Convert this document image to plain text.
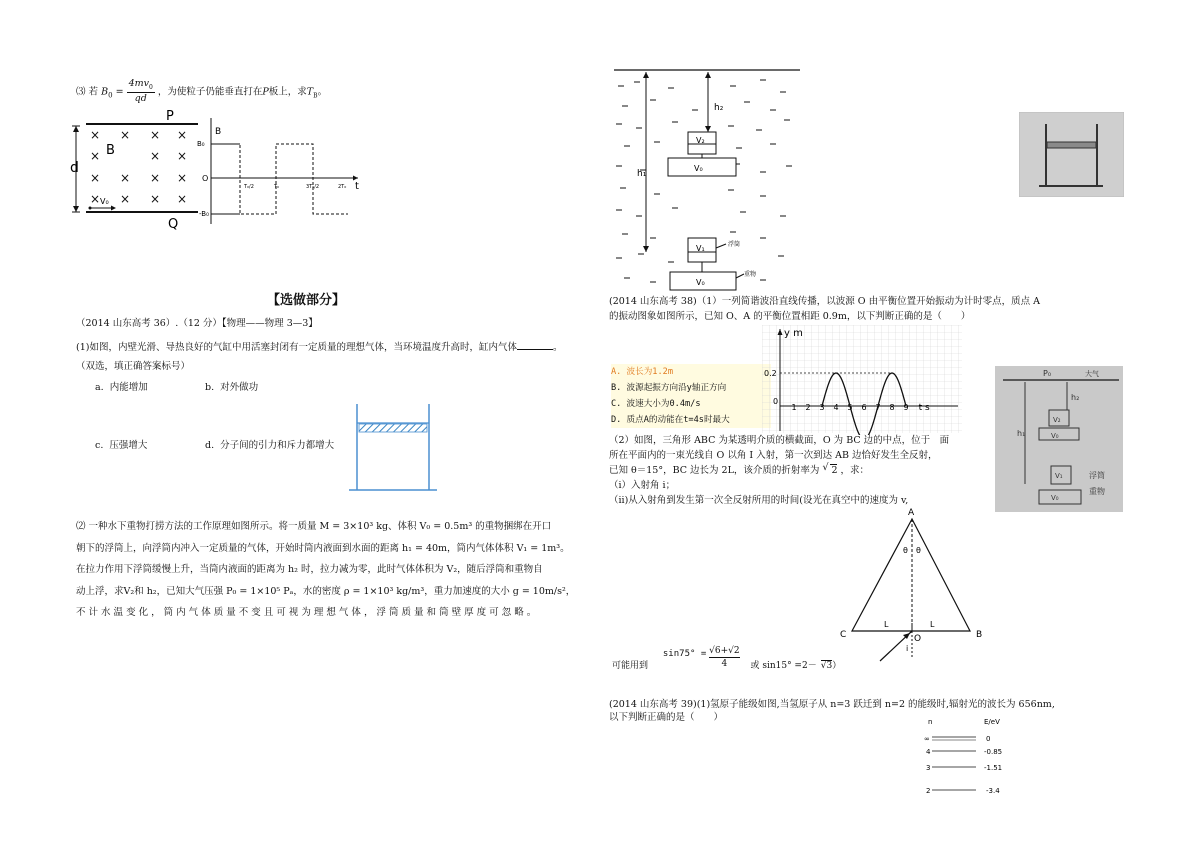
⑶ 若 $B_0 = \frac{4mv_0}{qd}$ ，为使粒子仍能垂直打在P板上，求$T_B$。
d
P
Q
× × × ×
×	× ×
× × × ×
× × × ×
B
V₀
B
B₀
O
-B₀
t
T₀/2	T₀	3T₀/2	2T₀
【选做部分】
（2014 山东高考 36）.（12 分）【物理——物理 3—3】
(1)如图，内壁光滑、导热良好的气缸中用活塞封闭有一定质量的理想气体，当环境温度升高时，缸内气体	。
（双选，填正确答案标号）
a. 内能增加	b. 对外做功
c. 压强增大	d. 分子间的引力和斥力都增大
⑵ 一种水下重物打捞方法的工作原理如图所示。将一质量 M = 3×10³ kg、体积 V₀ = 0.5m³ 的重物捆绑在开口
朝下的浮筒上，向浮筒内冲入一定质量的气体，开始时筒内液面到水面的距离 h₁ = 40m，筒内气体体积 V₁ = 1m³。
在拉力作用下浮筒缓慢上升，当筒内液面的距离为 h₂ 时，拉力减为零，此时气体体积为 V₂，随后浮筒和重物自
动上浮，求V₂和 h₂，已知大气压强 P₀ = 1×10⁵ Pₐ，水的密度 ρ = 1×10³ kg/m³，重力加速度的大小 g = 10m/s²，
不 计 水 温 变 化 ， 筒 内 气 体 质 量 不 变 且 可 视 为 理 想 气 体 ， 浮 筒 质 量 和 筒 壁 厚 度 可 忽 略 。
h₂
h₁
V₂
V₀
V₁
V₀
浮筒
重物
(2014 山东高考 38)（1）一列简谐波沿直线传播，以波源 O 由平衡位置开始振动为计时零点，质点 A
的振动图象如图所示，已知 O、A 的平衡位置相距 0.9m，以下判断正确的是（　　）
A. 波长为1.2m
B. 波源起振方向沿y轴正方向
C. 波速大小为0.4m/s
D. 质点A的动能在t=4s时最大
1 2 3 4 5 6 7 8 9
y m
0.2
0
t s
P₀	大气
h₁
h₂
V₂
V₀
V₁
V₀
浮筒
重物
（2）如图，三角形 ABC 为某透明介质的横截面，O 为 BC 边的中点，位于　面
所在平面内的一束光线自 O 以角 I 入射，第一次到达 AB 边恰好发生全反射，
已知 θ＝15°，BC 边长为 2L，该介质的折射率为 √ 2 ，求：
（i）入射角 i；
（ii)从入射角到发生第一次全反射所用的时间(设光在真空中的速度为 v,
A
C	B
O
θ θ
L	L
i
可能用到 $\sin 75^\circ = \frac{√6+√2}{4}$ 或 sin15° =2－ √3）
(2014 山东高考 39)(1)氢原子能级如图,当氢原子从 n=3 跃迁到 n=2 的能级时,辐射光的波长为 656nm,
以下判断正确的是（　　）	n	E/eV
∞	0
4	-0.85
3	-1.51
2	-3.4
